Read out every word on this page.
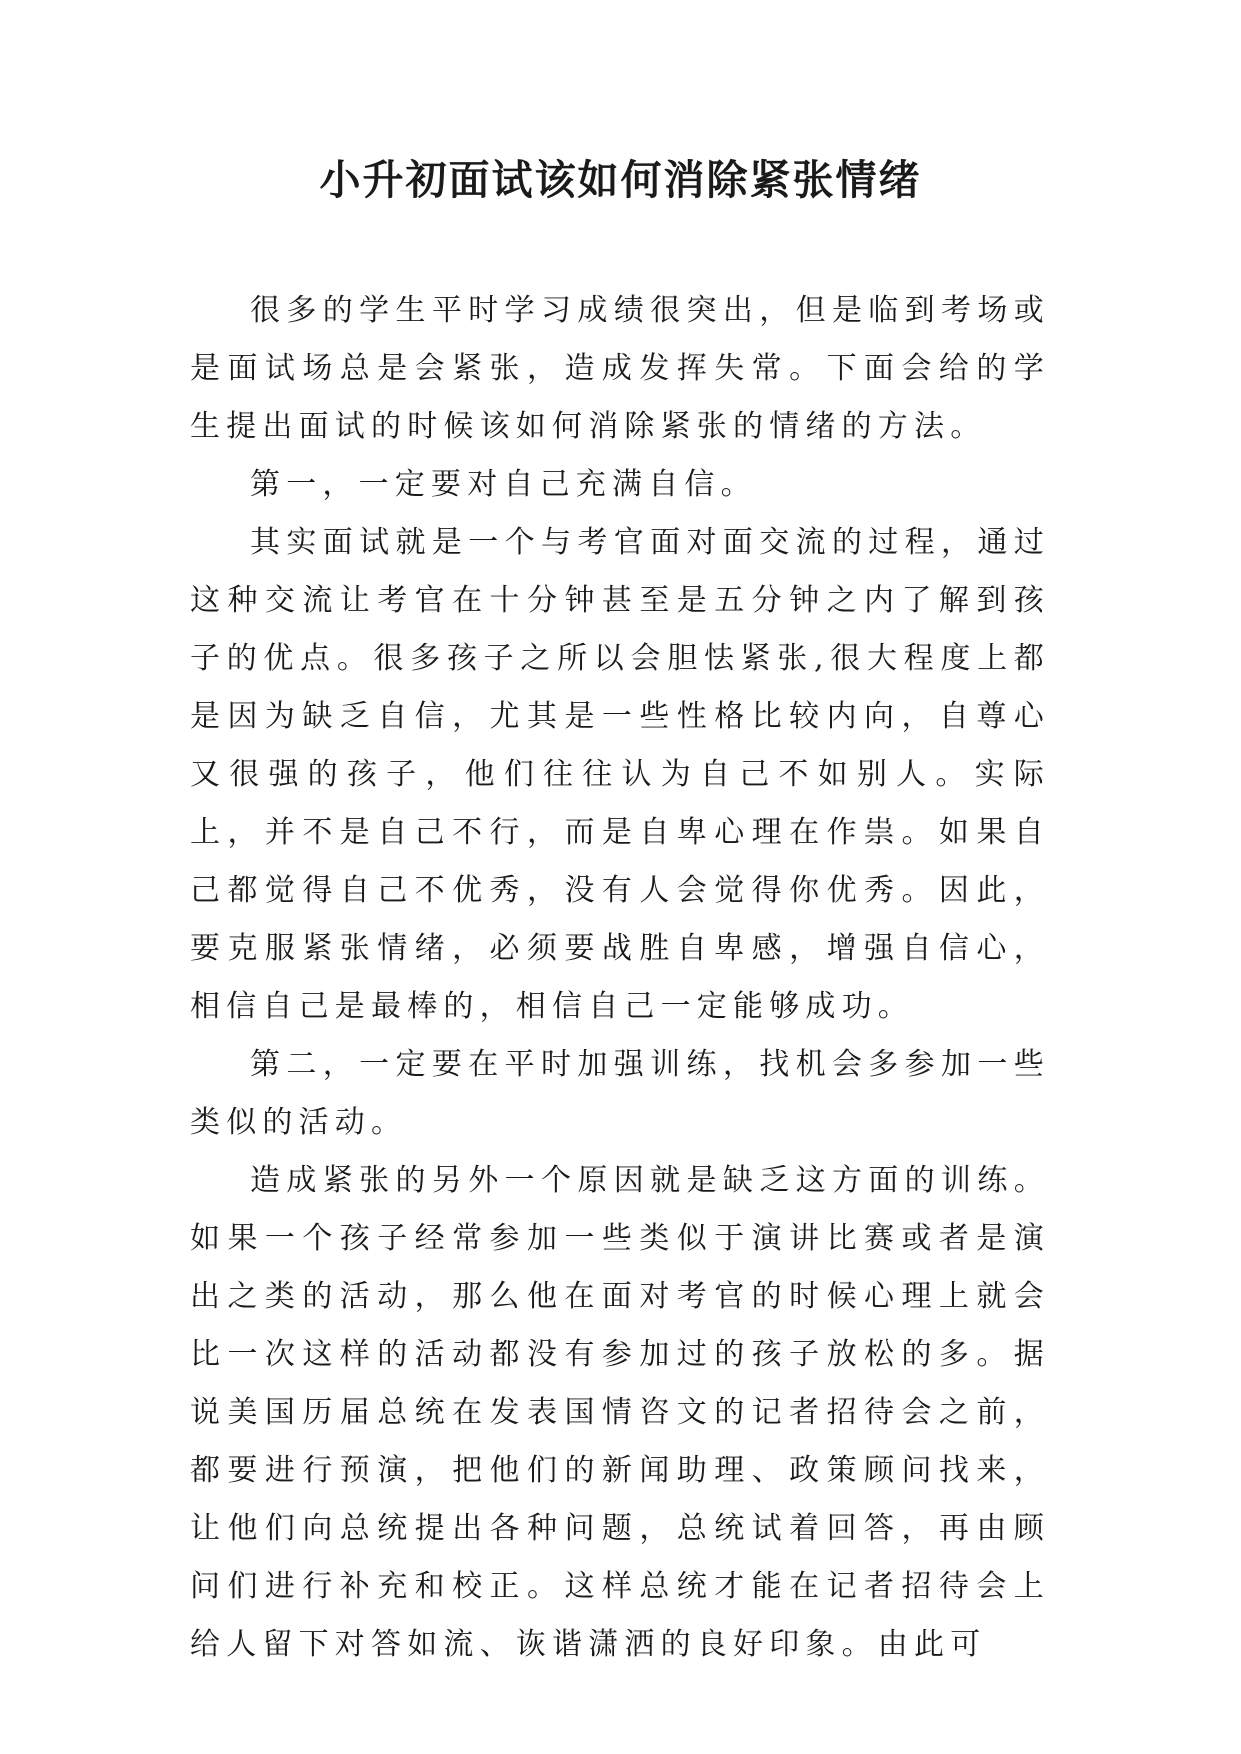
小升初面试该如何消除紧张情绪

很多的学生平时学习成绩很突出，但是临到考场或是面试场总是会紧张，造成发挥失常。下面会给的学生提出面试的时候该如何消除紧张的情绪的方法。

第一，一定要对自己充满自信。

其实面试就是一个与考官面对面交流的过程，通过这种交流让考官在十分钟甚至是五分钟之内了解到孩子的优点。很多孩子之所以会胆怯紧张,很大程度上都是因为缺乏自信，尤其是一些性格比较内向，自尊心又很强的孩子，他们往往认为自己不如别人。实际上，并不是自己不行，而是自卑心理在作祟。如果自己都觉得自己不优秀，没有人会觉得你优秀。因此，要克服紧张情绪，必须要战胜自卑感，增强自信心，相信自己是最棒的，相信自己一定能够成功。

第二，一定要在平时加强训练，找机会多参加一些类似的活动。

造成紧张的另外一个原因就是缺乏这方面的训练。如果一个孩子经常参加一些类似于演讲比赛或者是演出之类的活动，那么他在面对考官的时候心理上就会比一次这样的活动都没有参加过的孩子放松的多。据说美国历届总统在发表国情咨文的记者招待会之前，都要进行预演，把他们的新闻助理、政策顾问找来，让他们向总统提出各种问题，总统试着回答，再由顾问们进行补充和校正。这样总统才能在记者招待会上给人留下对答如流、诙谐潇洒的良好印象。由此可
